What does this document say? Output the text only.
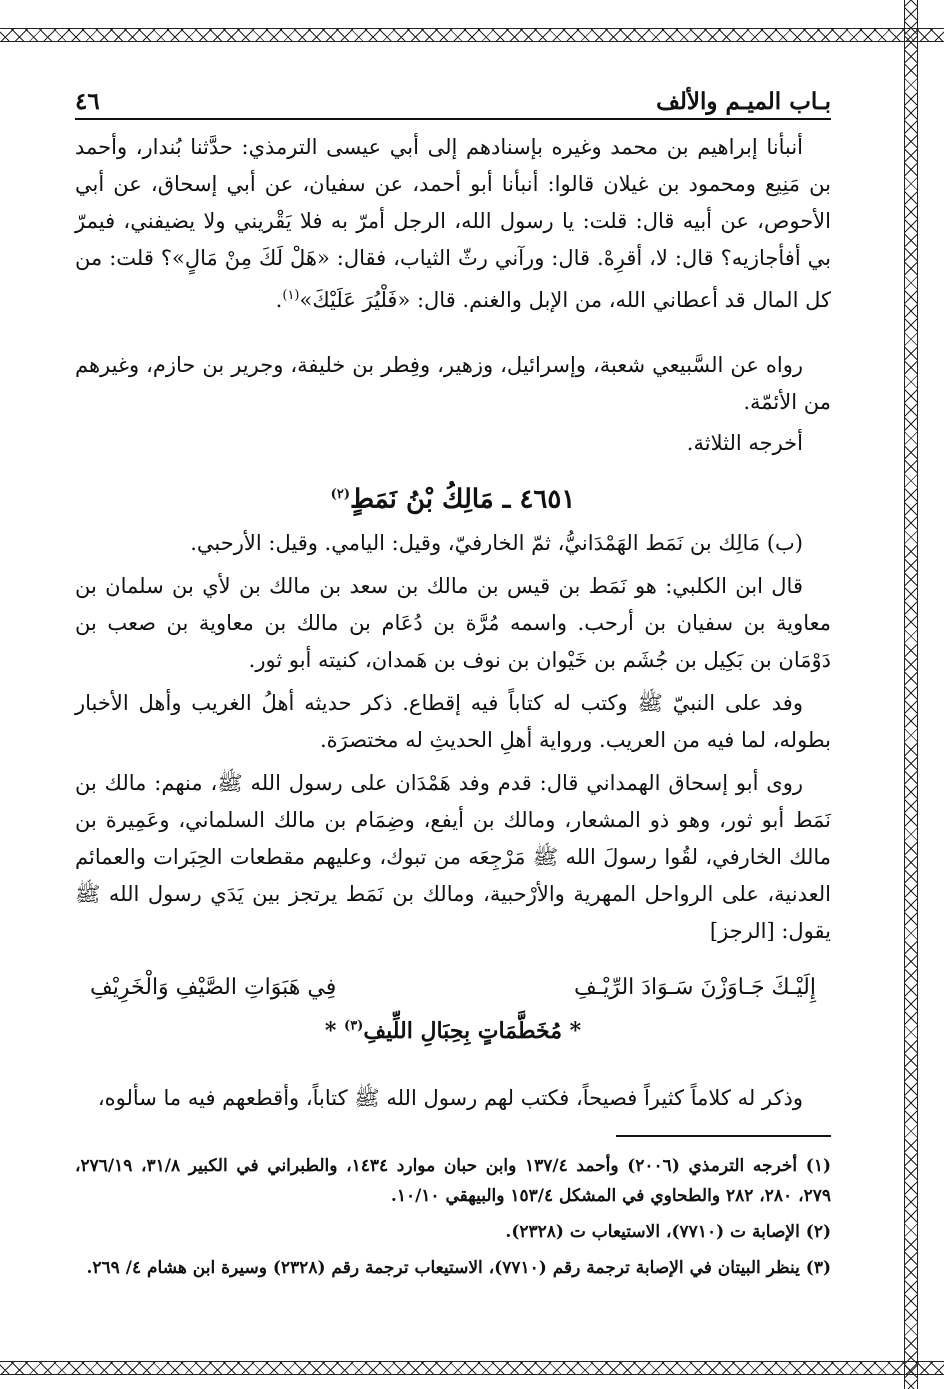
بـاب الميـم والألف
٤٦

أنبأنا إبراهيم بن محمد وغيره بإسنادهم إلى أبي عيسى الترمذي: حدَّثنا بُندار، وأحمد بن مَنِيع ومحمود بن غيلان قالوا: أنبأنا أبو أحمد، عن سفيان، عن أبي إسحاق، عن أبي الأحوص، عن أبيه قال: قلت: يا رسول الله، الرجل أمرّ به فلا يَقْريني ولا يضيفني، فيمرّ بي أفأجازيه؟ قال: لا، أقرِهْ. قال: ورآني رثّ الثياب، فقال: «هَلْ لَكَ مِنْ مَالٍ»؟ قلت: من كل المال قد أعطاني الله، من الإبل والغنم. قال: «فَلْيُرَ عَلَيْكَ»$^{(١)}$.

رواه عن السَّبيعي شعبة، وإسرائيل، وزهير، وفِطر بن خليفة، وجرير بن حازم، وغيرهم من الأئمّة.

أخرجه الثلاثة.

٤٦٥١ ـ مَالِكُ بْنُ نَمَطٍ$^{(٢)}$

(ب) مَالِك بن نَمَط الهَمْدَانيُّ، ثمّ الخارفيّ، وقيل: اليامي. وقيل: الأرحبي.

قال ابن الكلبي: هو نَمَط بن قيس بن مالك بن سعد بن مالك بن لأي بن سلمان بن معاوية بن سفيان بن أرحب. واسمه مُرَّة بن دُعَام بن مالك بن معاوية بن صعب بن دَوْمَان بن بَكِيل بن جُشَم بن خَيْوان بن نوف بن هَمدان، كنيته أبو ثور.

وفد على النبيّ ﷺ وكتب له كتاباً فيه إقطاع. ذكر حديثه أهلُ الغريب وأهل الأخبار بطوله، لما فيه من العريب. ورواية أهلِ الحديثِ له مختصرَة.

روى أبو إسحاق الهمداني قال: قدم وفد هَمْدَان على رسول الله ﷺ، منهم: مالك بن نَمَط أبو ثور، وهو ذو المشعار، ومالك بن أيفع، وضِمَام بن مالك السلماني، وعَمِيرة بن مالك الخارفي، لقُوا رسولَ الله ﷺ مَرْجِعَه من تبوك، وعليهم مقطعات الحِبَرات والعمائم العدنية، على الرواحل المهرية والأرْحبية، ومالك بن نَمَط يرتجز بين يَدَي رسول الله ﷺ يقول: [الرجز]

إِلَيْـكَ جَـاوَزْنَ سَـوَادَ الرِّيْـفِ
فِي هَبَوَاتِ الصَّيْفِ وَالْخَرِيْفِ
* مُخَطَّمَاتٍ بِحِبَالِ اللِّيفِ$^{(٣)}$ *

وذكر له كلاماً كثيراً فصيحاً، فكتب لهم رسول الله ﷺ كتاباً، وأقطعهم فيه ما سألوه،

(١) أخرجه الترمذي (٢٠٠٦) وأحمد ١٣٧/٤ وابن حبان موارد ١٤٣٤، والطبراني في الكبير ٣١/٨، ٢٧٦/١٩، ٢٧٩، ٢٨٠، ٢٨٢ والطحاوي في المشكل ١٥٣/٤ والبيهقي ١٠/١٠.

(٢) الإصابة ت (٧٧١٠)، الاستيعاب ت (٢٣٢٨).

(٣) ينظر البيتان في الإصابة ترجمة رقم (٧٧١٠)، الاستيعاب ترجمة رقم (٢٣٢٨) وسيرة ابن هشام ٤/ ٢٦٩.
